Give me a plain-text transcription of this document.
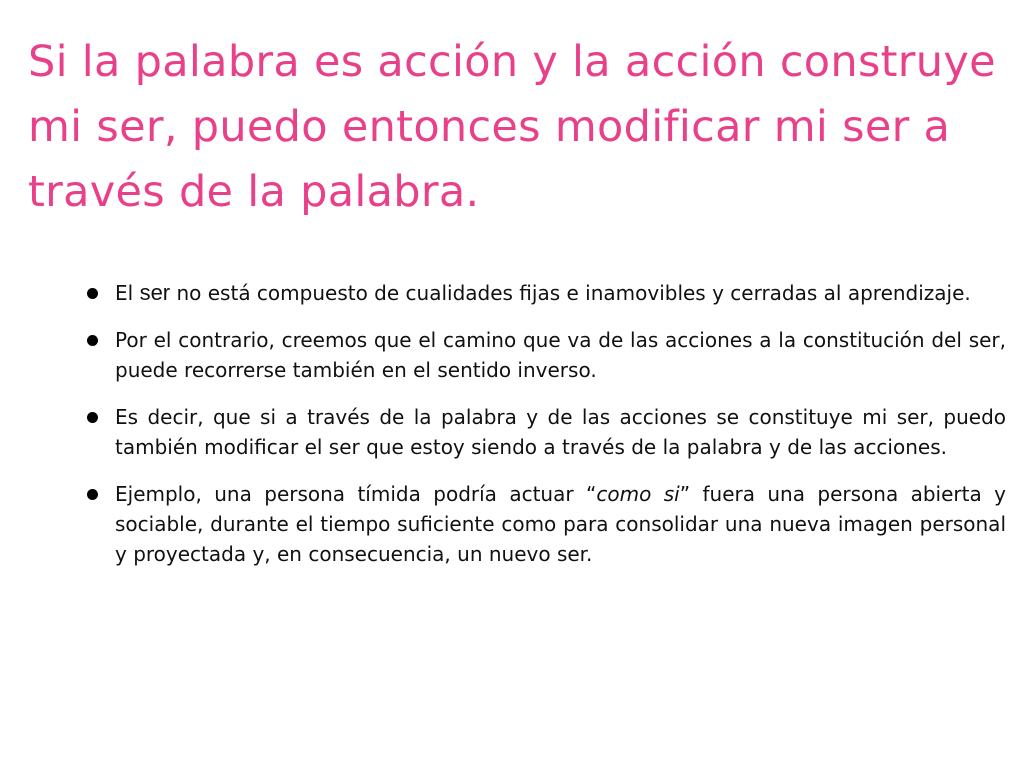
Si la palabra es acción y la acción construye
mi ser, puedo entonces modificar mi ser a
través de la palabra.
El ser no está compuesto de cualidades fijas e inamovibles y cerradas al aprendizaje.
Por el contrario, creemos que el camino que va de las acciones a la constitución del ser, puede recorrerse también en el sentido inverso.
Es decir, que si a través de la palabra y de las acciones se constituye mi ser, puedo también modificar el ser que estoy siendo a través de la palabra y de las acciones.
Ejemplo, una persona tímida podría actuar “como si” fuera una persona abierta y sociable, durante el tiempo suficiente como para consolidar una nueva imagen personal y proyectada y, en consecuencia, un nuevo ser.
